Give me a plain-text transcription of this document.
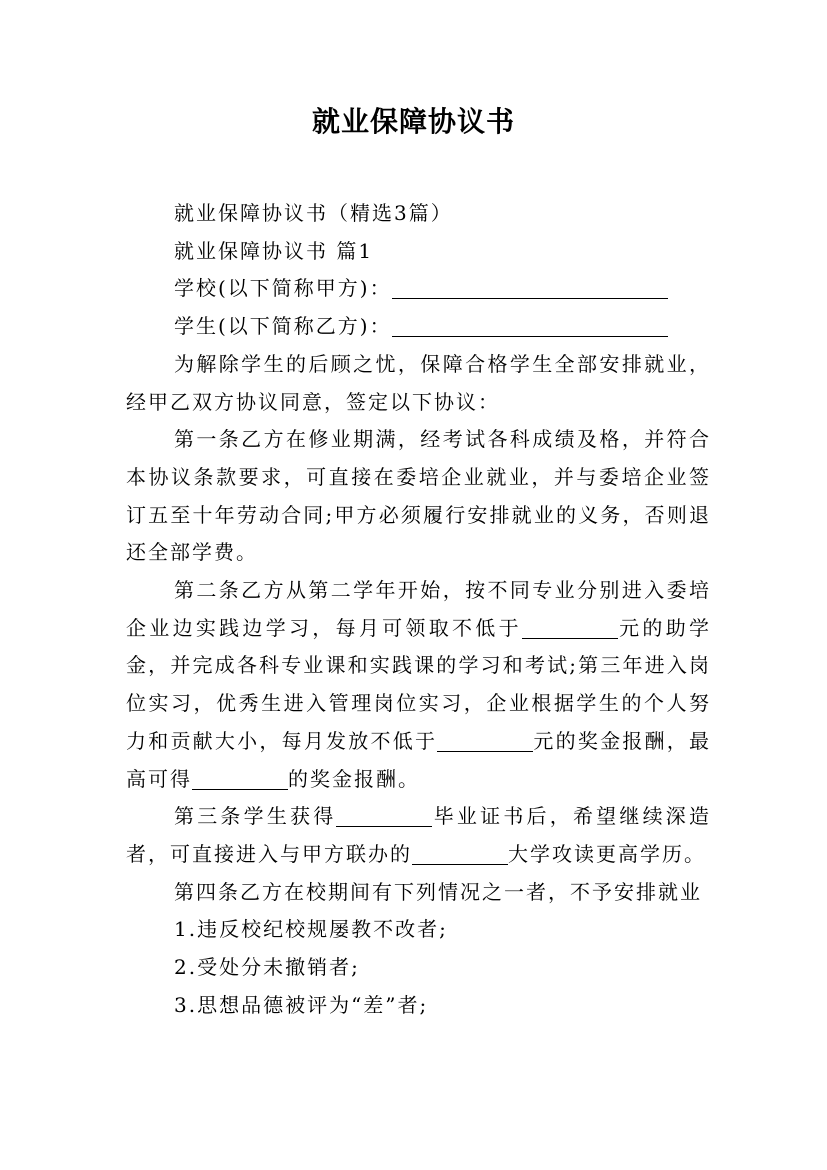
就业保障协议书

就业保障协议书（精选3篇）

就业保障协议书 篇1

学校(以下简称甲方)：

学生(以下简称乙方)：

为解除学生的后顾之忧，保障合格学生全部安排就业，经甲乙双方协议同意，签定以下协议：

第一条乙方在修业期满，经考试各科成绩及格，并符合本协议条款要求，可直接在委培企业就业，并与委培企业签订五至十年劳动合同;甲方必须履行安排就业的义务，否则退还全部学费。

第二条乙方从第二学年开始，按不同专业分别进入委培企业边实践边学习，每月可领取不低于	元的助学金，并完成各科专业课和实践课的学习和考试;第三年进入岗位实习，优秀生进入管理岗位实习，企业根据学生的个人努力和贡献大小，每月发放不低于	元的奖金报酬，最高可得	的奖金报酬。

第三条学生获得	毕业证书后，希望继续深造者，可直接进入与甲方联办的	大学攻读更高学历。

第四条乙方在校期间有下列情况之一者，不予安排就业

1.违反校纪校规屡教不改者;

2.受处分未撤销者;

3.思想品德被评为“差”者;
